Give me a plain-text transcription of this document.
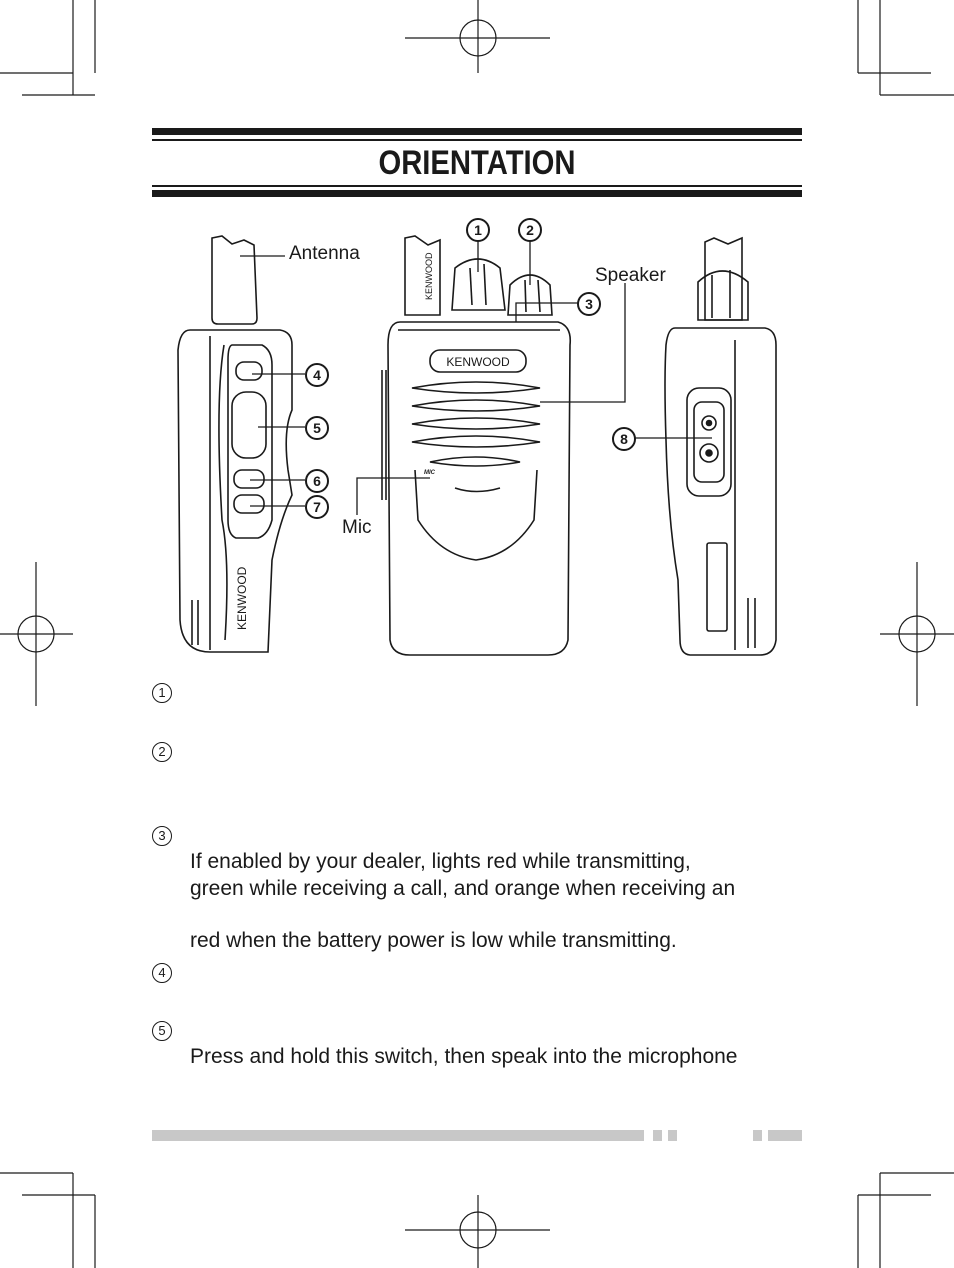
ORIENTATION
KENWOOD
KENWOOD
KENWOOD
MIC
Antenna
Speaker
Mic
1	2
3
4
5
6
7
8
1
2
3
If enabled by your dealer, lights red while transmitting,
green while receiving a call, and orange when receiving an
red when the battery power is low while transmitting.
4
5
Press and hold this switch, then speak into the microphone
